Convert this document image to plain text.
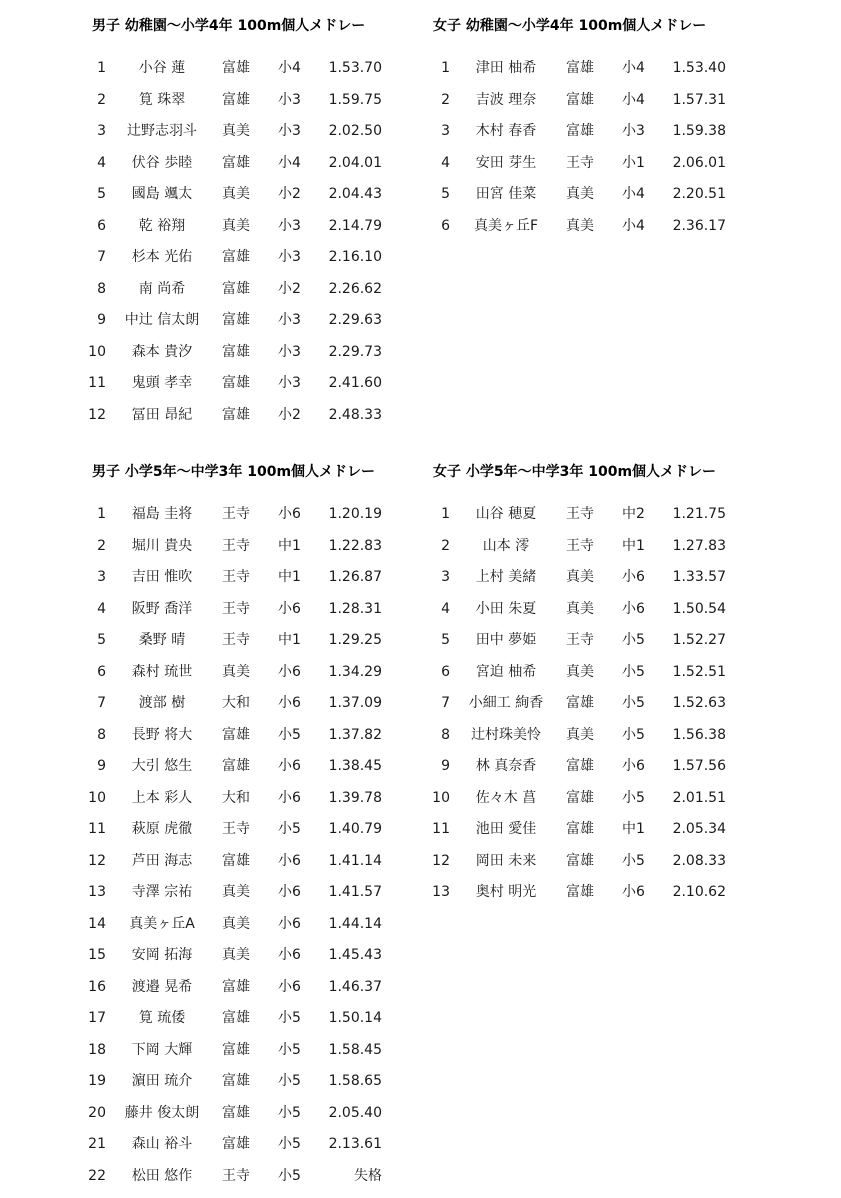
男子 幼稚園～小学4年 100m個人メドレー
1	小谷 蓮	富雄 小4	1.53.70
2	筧 珠翠	富雄 小3	1.59.75
3	辻野志羽斗	真美 小3	2.02.50
4	伏谷 歩睦	富雄 小4	2.04.01
5	國島 颯太	真美 小2	2.04.43
6	乾 裕翔	真美 小3	2.14.79
7	杉本 光佑	富雄 小3	2.16.10
8	南 尚希	富雄 小2	2.26.62
9	中辻 信太朗	富雄 小3	2.29.63
10	森本 貴汐	富雄 小3	2.29.73
11	鬼頭 孝幸	富雄 小3	2.41.60
12	冨田 昂紀	富雄 小2	2.48.33
女子 幼稚園～小学4年 100m個人メドレー
1	津田 柚希	富雄 小4	1.53.40
2	吉波 理奈	富雄 小4	1.57.31
3	木村 春香	富雄 小3	1.59.38
4	安田 芽生	王寺 小1	2.06.01
5	田宮 佳菜	真美 小4	2.20.51
6	真美ヶ丘F	真美 小4	2.36.17
男子 小学5年～中学3年 100m個人メドレー
1	福島 圭将	王寺 小6	1.20.19
2	堀川 貴央	王寺 中1	1.22.83
3	吉田 惟吹	王寺 中1	1.26.87
4	阪野 喬洋	王寺 小6	1.28.31
5	桑野 晴	王寺 中1	1.29.25
6	森村 琉世	真美 小6	1.34.29
7	渡部 樹	大和 小6	1.37.09
8	長野 将大	富雄 小5	1.37.82
9	大引 悠生	富雄 小6	1.38.45
10	上本 彩人	大和 小6	1.39.78
11	萩原 虎徹	王寺 小5	1.40.79
12	芦田 海志	富雄 小6	1.41.14
13	寺澤 宗祐	真美 小6	1.41.57
14	真美ヶ丘A	真美 小6	1.44.14
15	安岡 拓海	真美 小6	1.45.43
16	渡邉 晃希	富雄 小6	1.46.37
17	筧 琉倭	富雄 小5	1.50.14
18	下岡 大輝	富雄 小5	1.58.45
19	濵田 琉介	富雄 小5	1.58.65
20	藤井 俊太朗	富雄 小5	2.05.40
21	森山 裕斗	富雄 小5	2.13.61
22	松田 悠作	王寺 小5	失格
女子 小学5年～中学3年 100m個人メドレー
1	山谷 穂夏	王寺 中2	1.21.75
2	山本 澪	王寺 中1	1.27.83
3	上村 美緒	真美 小6	1.33.57
4	小田 朱夏	真美 小6	1.50.54
5	田中 夢姫	王寺 小5	1.52.27
6	宮迫 柚希	真美 小5	1.52.51
7	小細工 絢香	富雄 小5	1.52.63
8	辻村珠美怜	真美 小5	1.56.38
9	林 真奈香	富雄 小6	1.57.56
10	佐々木 菖	富雄 小5	2.01.51
11	池田 愛佳	富雄 中1	2.05.34
12	岡田 未来	富雄 小5	2.08.33
13	奥村 明光	富雄 小6	2.10.62
